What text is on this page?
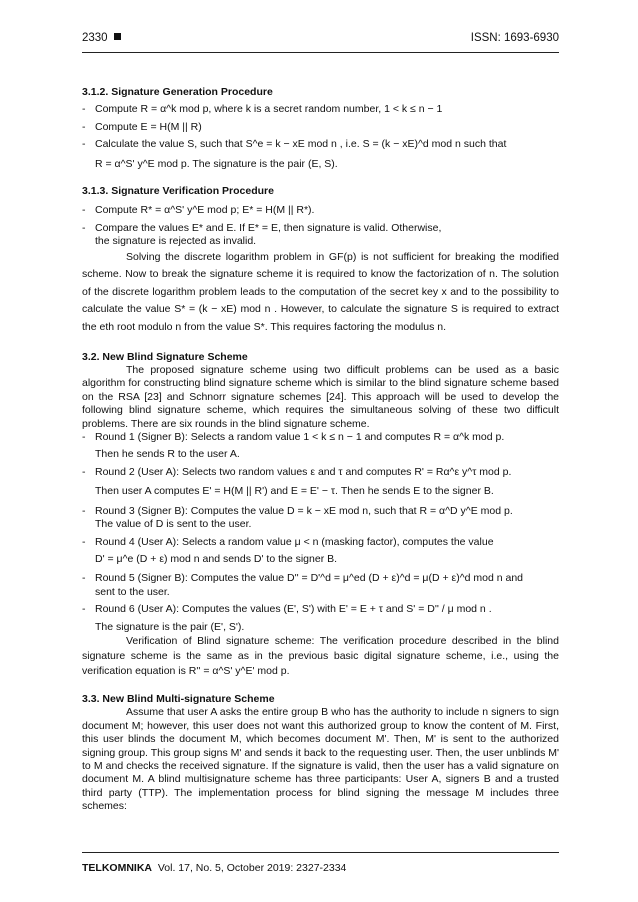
2330	ISSN: 1693-6930

3.1.2. Signature Generation Procedure

- Compute R = α^k mod p, where k is a secret random number, 1 < k ≤ n − 1

- Compute E = H(M || R)

- Calculate the value S, such that S^e = k − xE mod n , i.e. S = (k − xE)^d mod n such that

R = α^S' y^E mod p. The signature is the pair (E, S).

3.1.3. Signature Verification Procedure

- Compute R* = α^S' y^E mod p; E* = H(M || R*).

- Compare the values E* and E. If E* = E, then signature is valid. Otherwise,

the signature is rejected as invalid.

Solving the discrete logarithm problem in GF(p) is not sufficient for breaking the modified scheme. Now to break the signature scheme it is required to know the factorization of n. The solution of the discrete logarithm problem leads to the computation of the secret key x and to the possibility to calculate the value S* = (k − xE) mod n . However, to calculate the signature S is required to extract the eth root modulo n from the value S*. This requires factoring the modulus n.

3.2. New Blind Signature Scheme

The proposed signature scheme using two difficult problems can be used as a basic algorithm for constructing blind signature scheme which is similar to the blind signature scheme based on the RSA [23] and Schnorr signature schemes [24]. This approach will be used to develop the following blind signature scheme, which requires the simultaneous solving of these two difficult problems. There are six rounds in the blind signature scheme.

- Round 1 (Signer B): Selects a random value 1 < k ≤ n − 1 and computes R = α^k mod p.

Then he sends R to the user A.

- Round 2 (User A): Selects two random values ε and τ and computes R' = Rα^ε y^τ mod p.

Then user A computes E' = H(M || R') and E = E' − τ. Then he sends E to the signer B.

- Round 3 (Signer B): Computes the value D = k − xE mod n, such that R = α^D y^E mod p.

The value of D is sent to the user.

- Round 4 (User A): Selects a random value μ < n (masking factor), computes the value

D' = μ^e (D + ε) mod n and sends D' to the signer B.

- Round 5 (Signer B): Computes the value D'' = D'^d = μ^ed (D + ε)^d = μ(D + ε)^d mod n and

sent to the user.

- Round 6 (User A): Computes the values (E', S') with E' = E + τ and S' = D'' / μ mod n .

The signature is the pair (E', S').

Verification of Blind signature scheme: The verification procedure described in the blind signature scheme is the same as in the previous basic digital signature scheme, i.e., using the verification equation is R'' = α^S' y^E' mod p.

3.3. New Blind Multi-signature Scheme

Assume that user A asks the entire group B who has the authority to include n signers to sign document M; however, this user does not want this authorized group to know the content of M. First, this user blinds the document M, which becomes document M'. Then, M' is sent to the authorized signing group. This group signs M' and sends it back to the requesting user. Then, the user unblinds M' to M and checks the received signature. If the signature is valid, then the user has a valid signature on document M. A blind multisignature scheme has three participants: User A, signers B and a trusted third party (TTP). The implementation process for blind signing the message M includes three schemes:

TELKOMNIKA Vol. 17, No. 5, October 2019: 2327-2334
